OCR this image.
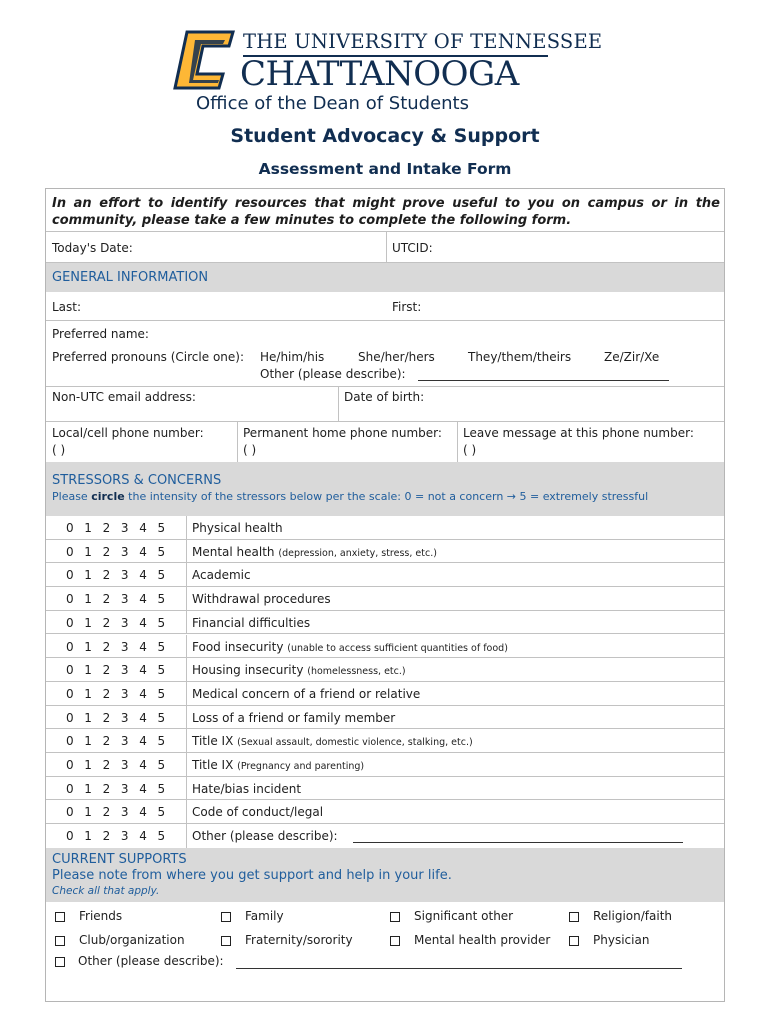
THE UNIVERSITY OF TENNESSEE
CHATTANOOGA
Office of the Dean of Students
Student Advocacy & Support
Assessment and Intake Form
In an effort to identify resources that might prove useful to you on campus or in the community, please take a few minutes to complete the following form.
Today's Date:	UTCID:
GENERAL INFORMATION
Last:	First:
Preferred name:
Preferred pronouns (Circle one): He/him/his	She/her/hers	They/them/theirs	Ze/Zir/Xe
Other (please describe):
Non-UTC email address:	Date of birth:
Local/cell phone number:
( )
Permanent home phone number:
( )
Leave message at this phone number:
( )
STRESSORS & CONCERNS
Please circle the intensity of the stressors below per the scale: 0 = not a concern → 5 = extremely stressful
0 1 2 3 4 5	Physical health
0 1 2 3 4 5	Mental health (depression, anxiety, stress, etc.)
0 1 2 3 4 5	Academic
0 1 2 3 4 5	Withdrawal procedures
0 1 2 3 4 5	Financial difficulties
0 1 2 3 4 5	Food insecurity (unable to access sufficient quantities of food)
0 1 2 3 4 5	Housing insecurity (homelessness, etc.)
0 1 2 3 4 5	Medical concern of a friend or relative
0 1 2 3 4 5	Loss of a friend or family member
0 1 2 3 4 5	Title IX (Sexual assault, domestic violence, stalking, etc.)
0 1 2 3 4 5	Title IX (Pregnancy and parenting)
0 1 2 3 4 5	Hate/bias incident
0 1 2 3 4 5	Code of conduct/legal
0 1 2 3 4 5	Other (please describe):
CURRENT SUPPORTS
Please note from where you get support and help in your life.
Check all that apply.
Friends	Family	Significant other	Religion/faith
Club/organization	Fraternity/sorority	Mental health provider	Physician
Other (please describe):
